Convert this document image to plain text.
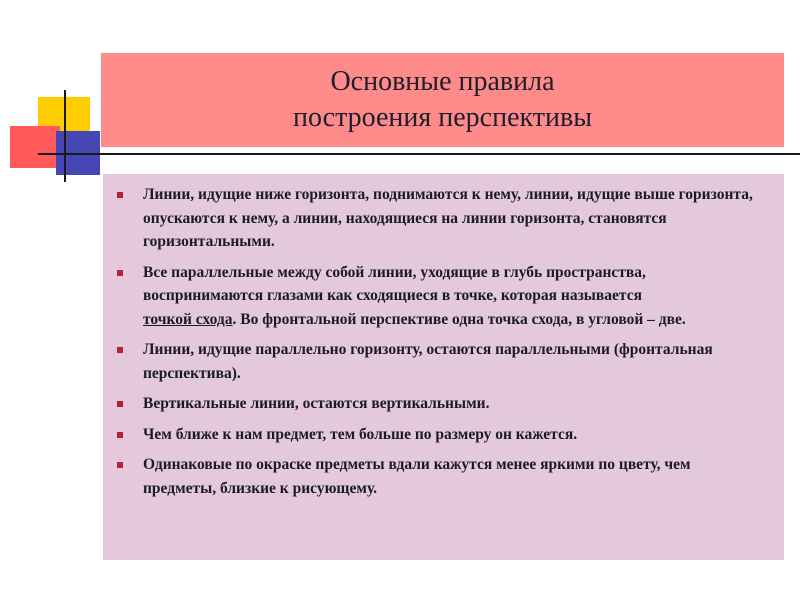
Основные правила
построения перспективы
Линии, идущие ниже горизонта, поднимаются к нему, линии, идущие выше горизонта, опускаются к нему, а линии, находящиеся на линии горизонта, становятся горизонтальными.
Все параллельные между собой линии, уходящие в глубь пространства, воспринимаются глазами как сходящиеся в точке, которая называется
точкой схода. Во фронтальной перспективе одна точка схода, в угловой – две.
Линии, идущие параллельно горизонту, остаются параллельными (фронтальная перспектива).
Вертикальные линии, остаются вертикальными.
Чем ближе к нам предмет, тем больше по размеру он кажется.
Одинаковые по окраске предметы вдали кажутся менее яркими по цвету, чем предметы, близкие к рисующему.
